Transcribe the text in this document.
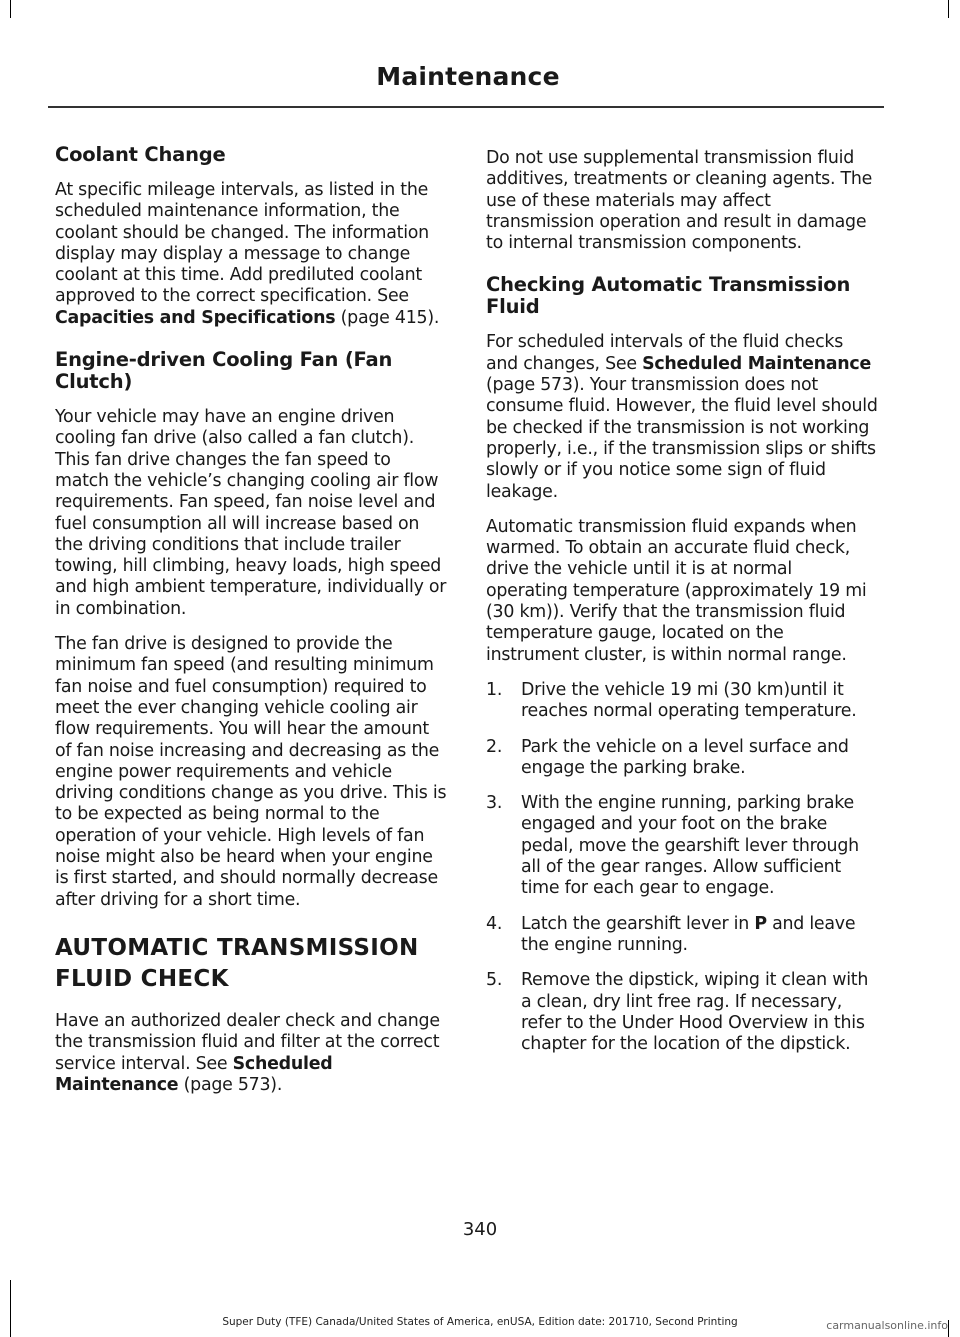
Maintenance
Coolant Change

At specific mileage intervals, as listed in the scheduled maintenance information, the coolant should be changed. The information display may display a message to change coolant at this time. Add prediluted coolant approved to the correct specification. See Capacities and Specifications (page 415).

Engine-driven Cooling Fan (Fan Clutch)

Your vehicle may have an engine driven cooling fan drive (also called a fan clutch). This fan drive changes the fan speed to match the vehicle’s changing cooling air flow requirements. Fan speed, fan noise level and fuel consumption all will increase based on the driving conditions that include trailer towing, hill climbing, heavy loads, high speed and high ambient temperature, individually or in combination.

The fan drive is designed to provide the minimum fan speed (and resulting minimum fan noise and fuel consumption) required to meet the ever changing vehicle cooling air flow requirements. You will hear the amount of fan noise increasing and decreasing as the engine power requirements and vehicle driving conditions change as you drive. This is to be expected as being normal to the operation of your vehicle. High levels of fan noise might also be heard when your engine is first started, and should normally decrease after driving for a short time.

AUTOMATIC TRANSMISSION
FLUID CHECK

Have an authorized dealer check and change the transmission fluid and filter at the correct service interval. See Scheduled Maintenance (page 573).

Do not use supplemental transmission fluid additives, treatments or cleaning agents. The use of these materials may affect transmission operation and result in damage to internal transmission components.

Checking Automatic Transmission Fluid

For scheduled intervals of the fluid checks and changes, See Scheduled Maintenance (page 573). Your transmission does not consume fluid. However, the fluid level should be checked if the transmission is not working properly, i.e., if the transmission slips or shifts slowly or if you notice some sign of fluid leakage.

Automatic transmission fluid expands when warmed. To obtain an accurate fluid check, drive the vehicle until it is at normal operating temperature (approximately 19 mi (30 km)). Verify that the transmission fluid temperature gauge, located on the instrument cluster, is within normal range.

1. Drive the vehicle 19 mi (30 km)until it reaches normal operating temperature.
2. Park the vehicle on a level surface and engage the parking brake.
3. With the engine running, parking brake engaged and your foot on the brake pedal, move the gearshift lever through all of the gear ranges. Allow sufficient time for each gear to engage.
4. Latch the gearshift lever in P and leave the engine running.
5. Remove the dipstick, wiping it clean with a clean, dry lint free rag. If necessary, refer to the Under Hood Overview in this chapter for the location of the dipstick.
340
Super Duty (TFE) Canada/United States of America, enUSA, Edition date: 201710, Second Printing	carmanualsonline.info
